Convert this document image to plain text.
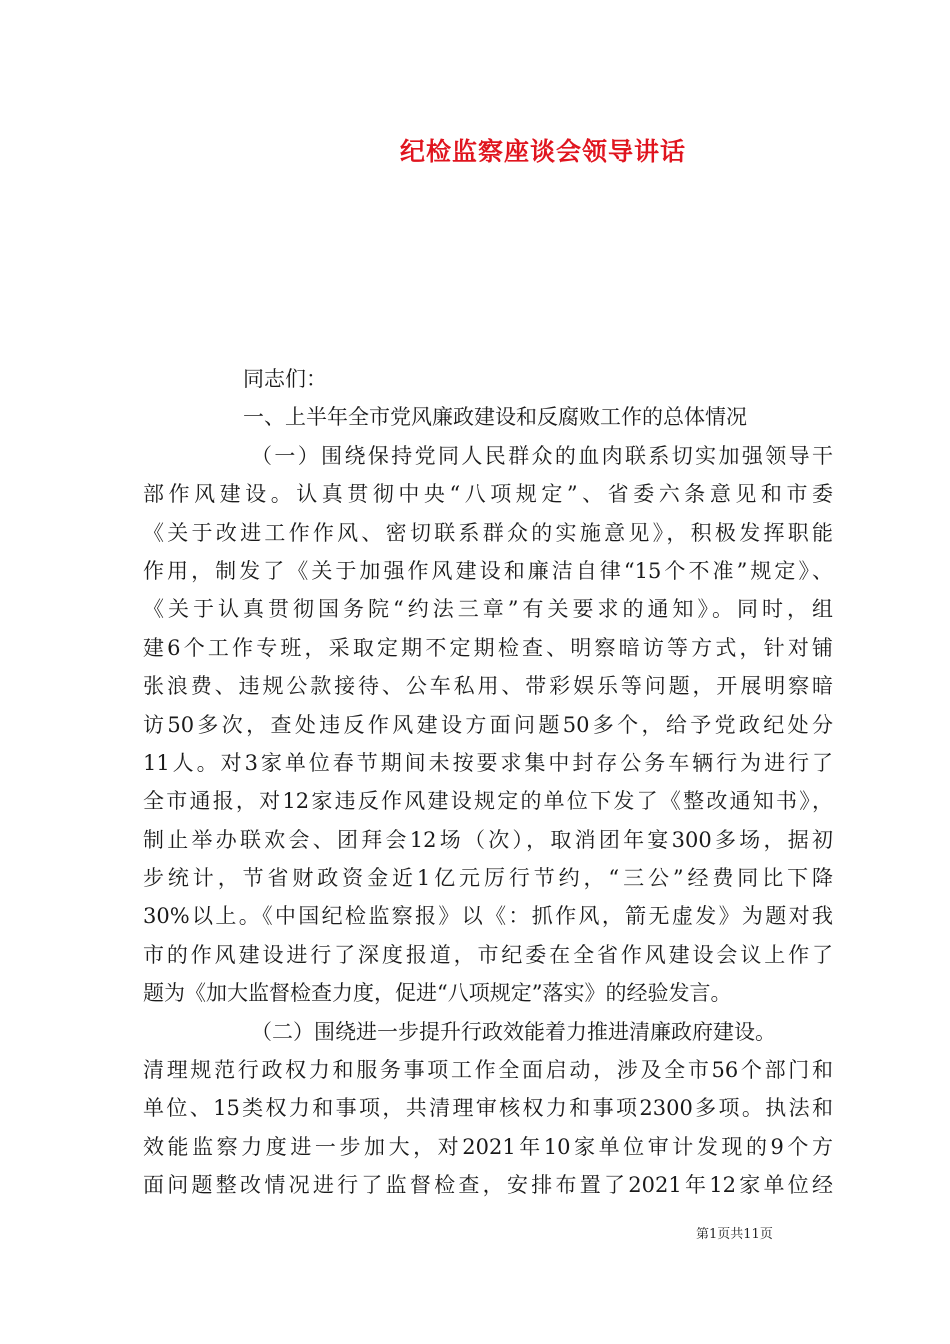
纪检监察座谈会领导讲话
同志们：
一、上半年全市党风廉政建设和反腐败工作的总体情况
（一）围绕保持党同人民群众的血肉联系切实加强领导干
部作风建设。认真贯彻中央“八项规定”、省委六条意见和市委
《关于改进工作作风、密切联系群众的实施意见》，积极发挥职能
作用，制发了《关于加强作风建设和廉洁自律“15个不准”规定》、
《关于认真贯彻国务院“约法三章”有关要求的通知》。同时，组
建6个工作专班，采取定期不定期检查、明察暗访等方式，针对铺
张浪费、违规公款接待、公车私用、带彩娱乐等问题，开展明察暗
访50多次，查处违反作风建设方面问题50多个，给予党政纪处分
11人。对3家单位春节期间未按要求集中封存公务车辆行为进行了
全市通报，对12家违反作风建设规定的单位下发了《整改通知书》，
制止举办联欢会、团拜会12场（次），取消团年宴300多场，据初
步统计，节省财政资金近1亿元厉行节约，“三公”经费同比下降
30%以上。《中国纪检监察报》以《：抓作风，箭无虚发》为题对我
市的作风建设进行了深度报道，市纪委在全省作风建设会议上作了
题为《加大监督检查力度，促进“八项规定”落实》的经验发言。
（二）围绕进一步提升行政效能着力推进清廉政府建设。
清理规范行政权力和服务事项工作全面启动，涉及全市56个部门和
单位、15类权力和事项，共清理审核权力和事项2300多项。执法和
效能监察力度进一步加大，对2021年10家单位审计发现的9个方
面问题整改情况进行了监督检查，安排布置了2021年12家单位经
第1页共11页
